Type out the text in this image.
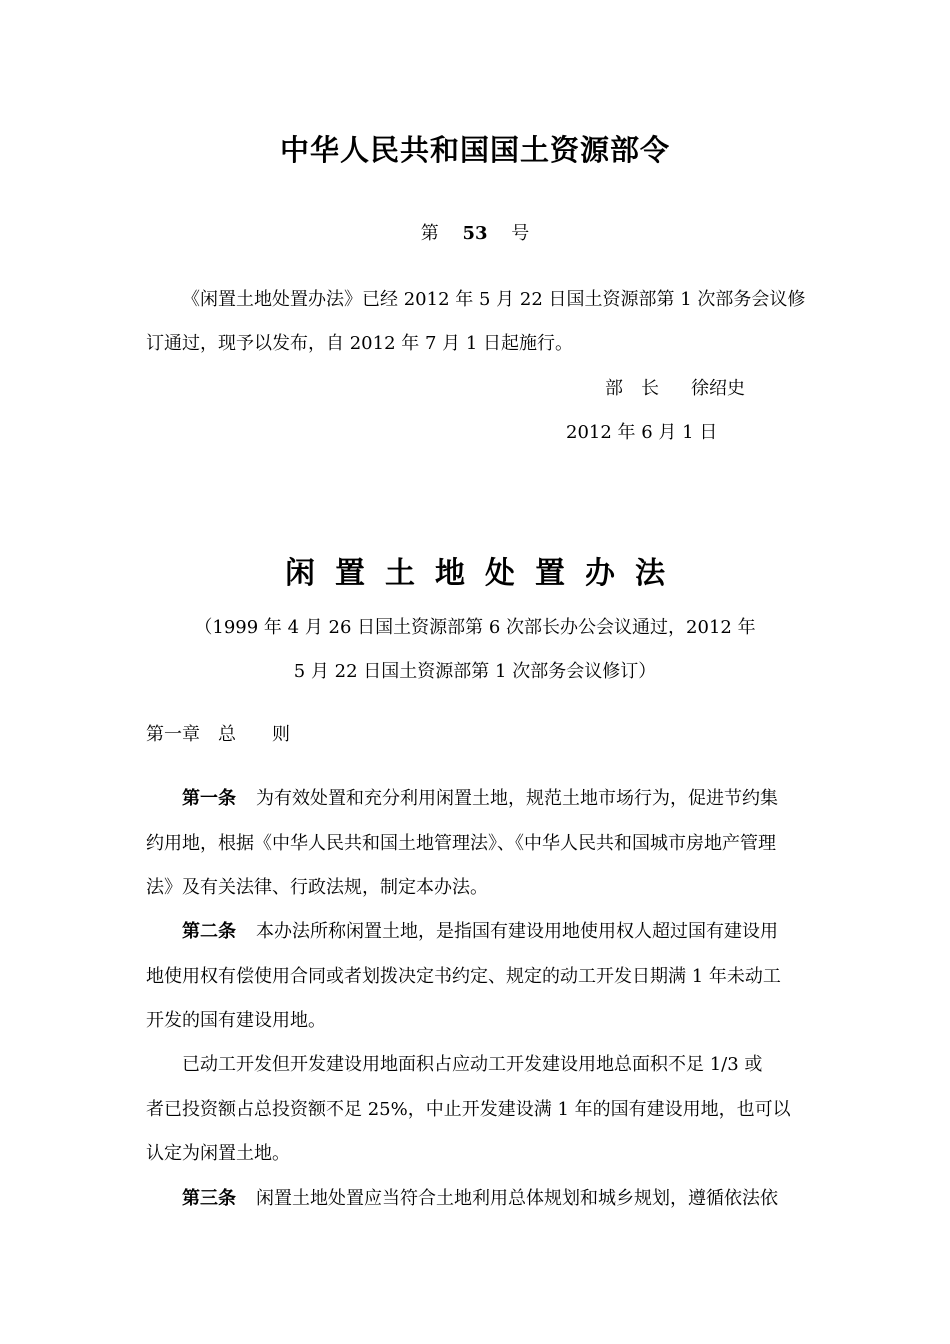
中华人民共和国国土资源部令
第 53 号
《闲置土地处置办法》已经 2012 年 5 月 22 日国土资源部第 1 次部务会议修
订通过，现予以发布，自 2012 年 7 月 1 日起施行。
部　长 徐绍史
2012 年 6 月 1 日
闲置土地处置办法
（1999 年 4 月 26 日国土资源部第 6 次部长办公会议通过，2012 年
5 月 22 日国土资源部第 1 次部务会议修订）
第一章　总　　则
第一条 为有效处置和充分利用闲置土地，规范土地市场行为，促进节约集
约用地，根据《中华人民共和国土地管理法》、《中华人民共和国城市房地产管理
法》及有关法律、行政法规，制定本办法。
第二条 本办法所称闲置土地，是指国有建设用地使用权人超过国有建设用
地使用权有偿使用合同或者划拨决定书约定、规定的动工开发日期满 1 年未动工
开发的国有建设用地。
已动工开发但开发建设用地面积占应动工开发建设用地总面积不足 1/3 或
者已投资额占总投资额不足 25%，中止开发建设满 1 年的国有建设用地，也可以
认定为闲置土地。
第三条 闲置土地处置应当符合土地利用总体规划和城乡规划，遵循依法依
